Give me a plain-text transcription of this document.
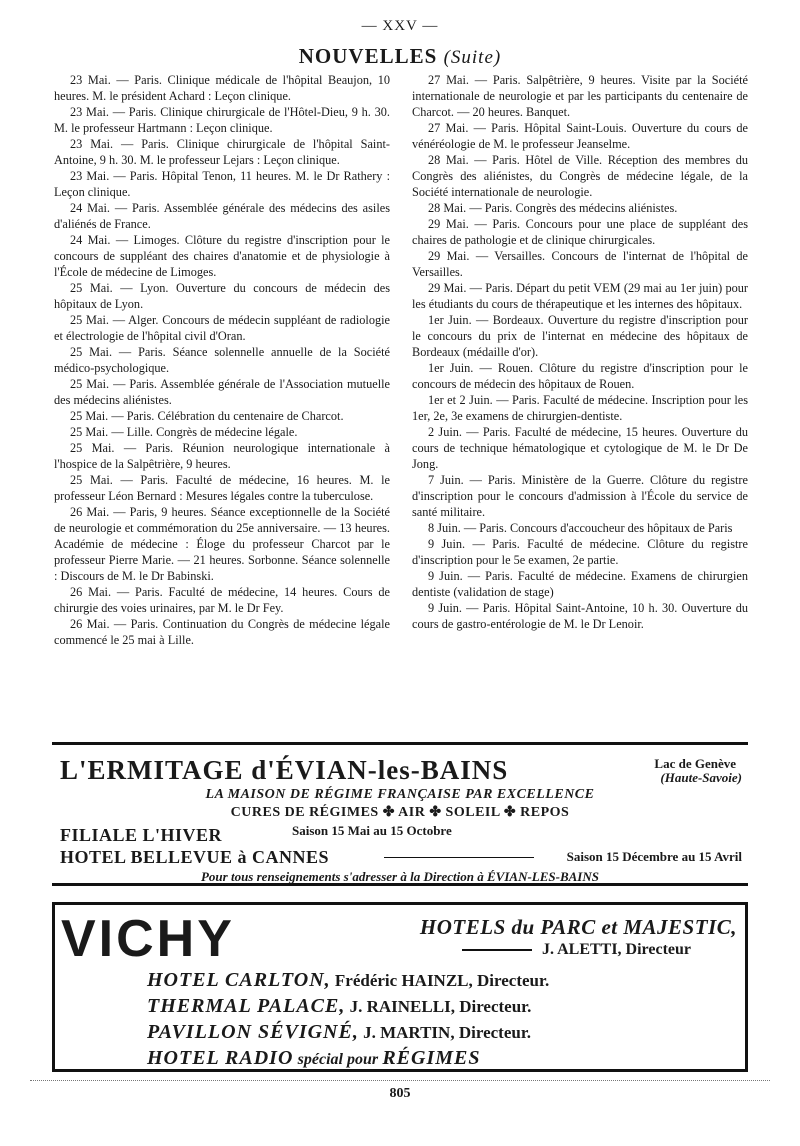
— XXV —
NOUVELLES (Suite)

23 Mai. — Paris. Clinique médicale de l'hôpital Beaujon, 10 heures. M. le président Achard : Leçon clinique.

23 Mai. — Paris. Clinique chirurgicale de l'Hôtel-Dieu, 9 h. 30. M. le professeur Hartmann : Leçon clinique.

23 Mai. — Paris. Clinique chirurgicale de l'hôpital Saint-Antoine, 9 h. 30. M. le professeur Lejars : Leçon clinique.

23 Mai. — Paris. Hôpital Tenon, 11 heures. M. le Dr Rathery : Leçon clinique.

24 Mai. — Paris. Assemblée générale des médecins des asiles d'aliénés de France.

24 Mai. — Limoges. Clôture du registre d'inscription pour le concours de suppléant des chaires d'anatomie et de physiologie à l'École de médecine de Limoges.

25 Mai. — Lyon. Ouverture du concours de médecin des hôpitaux de Lyon.

25 Mai. — Alger. Concours de médecin suppléant de radiologie et électrologie de l'hôpital civil d'Oran.

25 Mai. — Paris. Séance solennelle annuelle de la Société médico-psychologique.

25 Mai. — Paris. Assemblée générale de l'Association mutuelle des médecins aliénistes.

25 Mai. — Paris. Célébration du centenaire de Charcot.

25 Mai. — Lille. Congrès de médecine légale.

25 Mai. — Paris. Réunion neurologique internationale à l'hospice de la Salpêtrière, 9 heures.

25 Mai. — Paris. Faculté de médecine, 16 heures. M. le professeur Léon Bernard : Mesures légales contre la tuberculose.

26 Mai. — Paris, 9 heures. Séance exceptionnelle de la Société de neurologie et commémoration du 25e anniversaire. — 13 heures. Académie de médecine : Éloge du professeur Charcot par le professeur Pierre Marie. — 21 heures. Sorbonne. Séance solennelle : Discours de M. le Dr Babinski.

26 Mai. — Paris. Faculté de médecine, 14 heures. Cours de chirurgie des voies urinaires, par M. le Dr Fey.

26 Mai. — Paris. Continuation du Congrès de médecine légale commencé le 25 mai à Lille.

27 Mai. — Paris. Salpêtrière, 9 heures. Visite par la Société internationale de neurologie et par les participants du centenaire de Charcot. — 20 heures. Banquet.

27 Mai. — Paris. Hôpital Saint-Louis. Ouverture du cours de vénéréologie de M. le professeur Jeanselme.

28 Mai. — Paris. Hôtel de Ville. Réception des membres du Congrès des aliénistes, du Congrès de médecine légale, de la Société internationale de neurologie.

28 Mai. — Paris. Congrès des médecins aliénistes.

29 Mai. — Paris. Concours pour une place de suppléant des chaires de pathologie et de clinique chirurgicales.

29 Mai. — Versailles. Concours de l'internat de l'hôpital de Versailles.

29 Mai. — Paris. Départ du petit VEM (29 mai au 1er juin) pour les étudiants du cours de thérapeutique et les internes des hôpitaux.

1er Juin. — Bordeaux. Ouverture du registre d'inscription pour le concours du prix de l'internat en médecine des hôpitaux de Bordeaux (médaille d'or).

1er Juin. — Rouen. Clôture du registre d'inscription pour le concours de médecin des hôpitaux de Rouen.

1er et 2 Juin. — Paris. Faculté de médecine. Inscription pour les 1er, 2e, 3e examens de chirurgien-dentiste.

2 Juin. — Paris. Faculté de médecine, 15 heures. Ouverture du cours de technique hématologique et cytologique de M. le Dr De Jong.

7 Juin. — Paris. Ministère de la Guerre. Clôture du registre d'inscription pour le concours d'admission à l'École du service de santé militaire.

8 Juin. — Paris. Concours d'accoucheur des hôpitaux de Paris

9 Juin. — Paris. Faculté de médecine. Clôture du registre d'inscription pour le 5e examen, 2e partie.

9 Juin. — Paris. Faculté de médecine. Examens de chirurgien dentiste (validation de stage)

9 Juin. — Paris. Hôpital Saint-Antoine, 10 h. 30. Ouverture du cours de gastro-entérologie de M. le Dr Lenoir.

L'ERMITAGE d'ÉVIAN-les-BAINS	Lac de Genève
(Haute-Savoie)
LA MAISON DE RÉGIME FRANÇAISE PAR EXCELLENCE
CURES DE RÉGIMES ✤ AIR ✤ SOLEIL ✤ REPOS
FILIALE L'HIVER	Saison 15 Mai au 15 Octobre
HOTEL BELLEVUE à CANNES	Saison 15 Décembre au 15 Avril
Pour tous renseignements s'adresser à la Direction à ÉVIAN-LES-BAINS
VICHY	HOTELS du PARC et MAJESTIC,
J. ALETTI, Directeur
HOTEL CARLTON, Frédéric HAINZL, Directeur.
THERMAL PALACE, J. RAINELLI, Directeur.
PAVILLON SÉVIGNÉ, J. MARTIN, Directeur.
HOTEL RADIO spécial pour RÉGIMES
805
